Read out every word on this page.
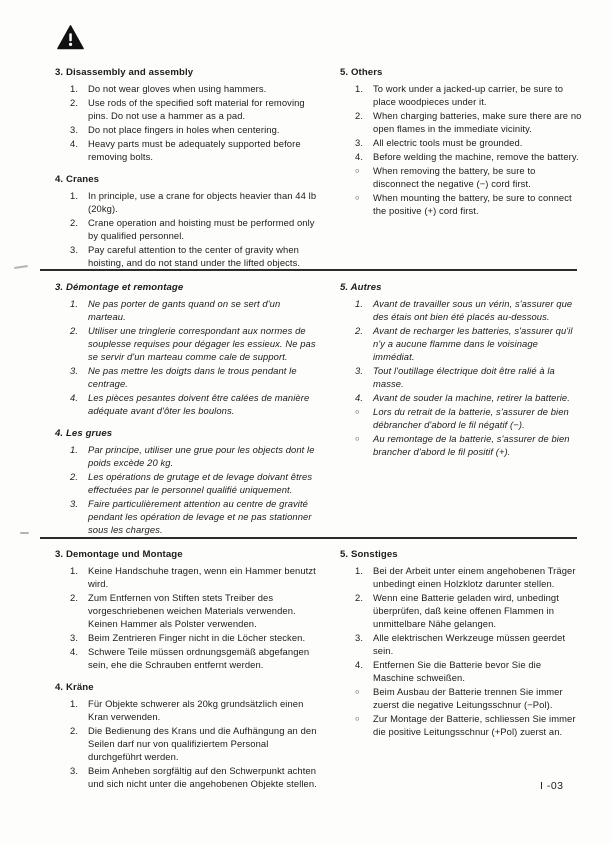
3. Disassembly and assembly
1.	Do not wear gloves when using hammers.
2.	Use rods of the specified soft material for removing pins. Do not use a hammer as a pad.
3.	Do not place fingers in holes when centering.
4.	Heavy parts must be adequately supported before removing bolts.
4. Cranes
1.	In principle, use a crane for objects heavier than 44 lb (20kg).
2.	Crane operation and hoisting must be performed only by qualified personnel.
3.	Pay careful attention to the center of gravity when hoisting, and do not stand under the lifted objects.
5. Others
1.	To work under a jacked-up carrier, be sure to place woodpieces under it.
2.	When charging batteries, make sure there are no open flames in the immediate vicinity.
3.	All electric tools must be grounded.
4.	Before welding the machine, remove the battery.
○	When removing the battery, be sure to disconnect the negative (−) cord first.
○	When mounting the battery, be sure to connect the positive (+) cord first.
3. Démontage et remontage
1.	Ne pas porter de gants quand on se sert d'un marteau.
2.	Utiliser une tringlerie correspondant aux normes de souplesse requises pour dégager les essieux. Ne pas se servir d'un marteau comme cale de support.
3.	Ne pas mettre les doigts dans le trous pendant le centrage.
4.	Les pièces pesantes doivent être calées de manière adéquate avant d'ôter les boulons.
4. Les grues
1.	Par principe, utiliser une grue pour les objects dont le poids excède 20 kg.
2.	Les opérations de grutage et de levage doivant êtres effectuées par le personnel qualifié uniquement.
3.	Faire particulièrement attention au centre de gravité pendant les opération de levage et ne pas stationner sous les charges.
5. Autres
1.	Avant de travailler sous un vérin, s'assurer que des étais ont bien été placés au-dessous.
2.	Avant de recharger les batteries, s'assurer qu'il n'y a aucune flamme dans le voisinage immédiat.
3.	Tout l'outillage électrique doit être ralié à la masse.
4.	Avant de souder la machine, retirer la batterie.
○	Lors du retrait de la batterie, s'assurer de bien débrancher d'abord le fil négatif (−).
○	Au remontage de la batterie, s'assurer de bien brancher d'abord le fil positif (+).
3. Demontage und Montage
1.	Keine Handschuhe tragen, wenn ein Hammer benutzt wird.
2.	Zum Entfernen von Stiften stets Treiber des vorgeschriebenen weichen Materials verwenden. Keinen Hammer als Polster verwenden.
3.	Beim Zentrieren Finger nicht in die Löcher stecken.
4.	Schwere Teile müssen ordnungsgemäß abgefangen sein, ehe die Schrauben entfernt werden.
4. Kräne
1.	Für Objekte schwerer als 20kg grundsätzlich einen Kran verwenden.
2.	Die Bedienung des Krans und die Aufhängung an den Seilen darf nur von qualifiziertem Personal durchgeführt werden.
3.	Beim Anheben sorgfältig auf den Schwerpunkt achten und sich nicht unter die angehobenen Objekte stellen.
5. Sonstiges
1.	Bei der Arbeit unter einem angehobenen Träger unbedingt einen Holzklotz darunter stellen.
2.	Wenn eine Batterie geladen wird, unbedingt überprüfen, daß keine offenen Flammen in unmittelbare Nähe gelangen.
3.	Alle elektrischen Werkzeuge müssen geerdet sein.
4.	Entfernen Sie die Batterie bevor Sie die Maschine schweißen.
○	Beim Ausbau der Batterie trennen Sie immer zuerst die negative Leitungsschnur (−Pol).
○	Zur Montage der Batterie, schliessen Sie immer die positive Leitungsschnur (+Pol) zuerst an.
I -03
